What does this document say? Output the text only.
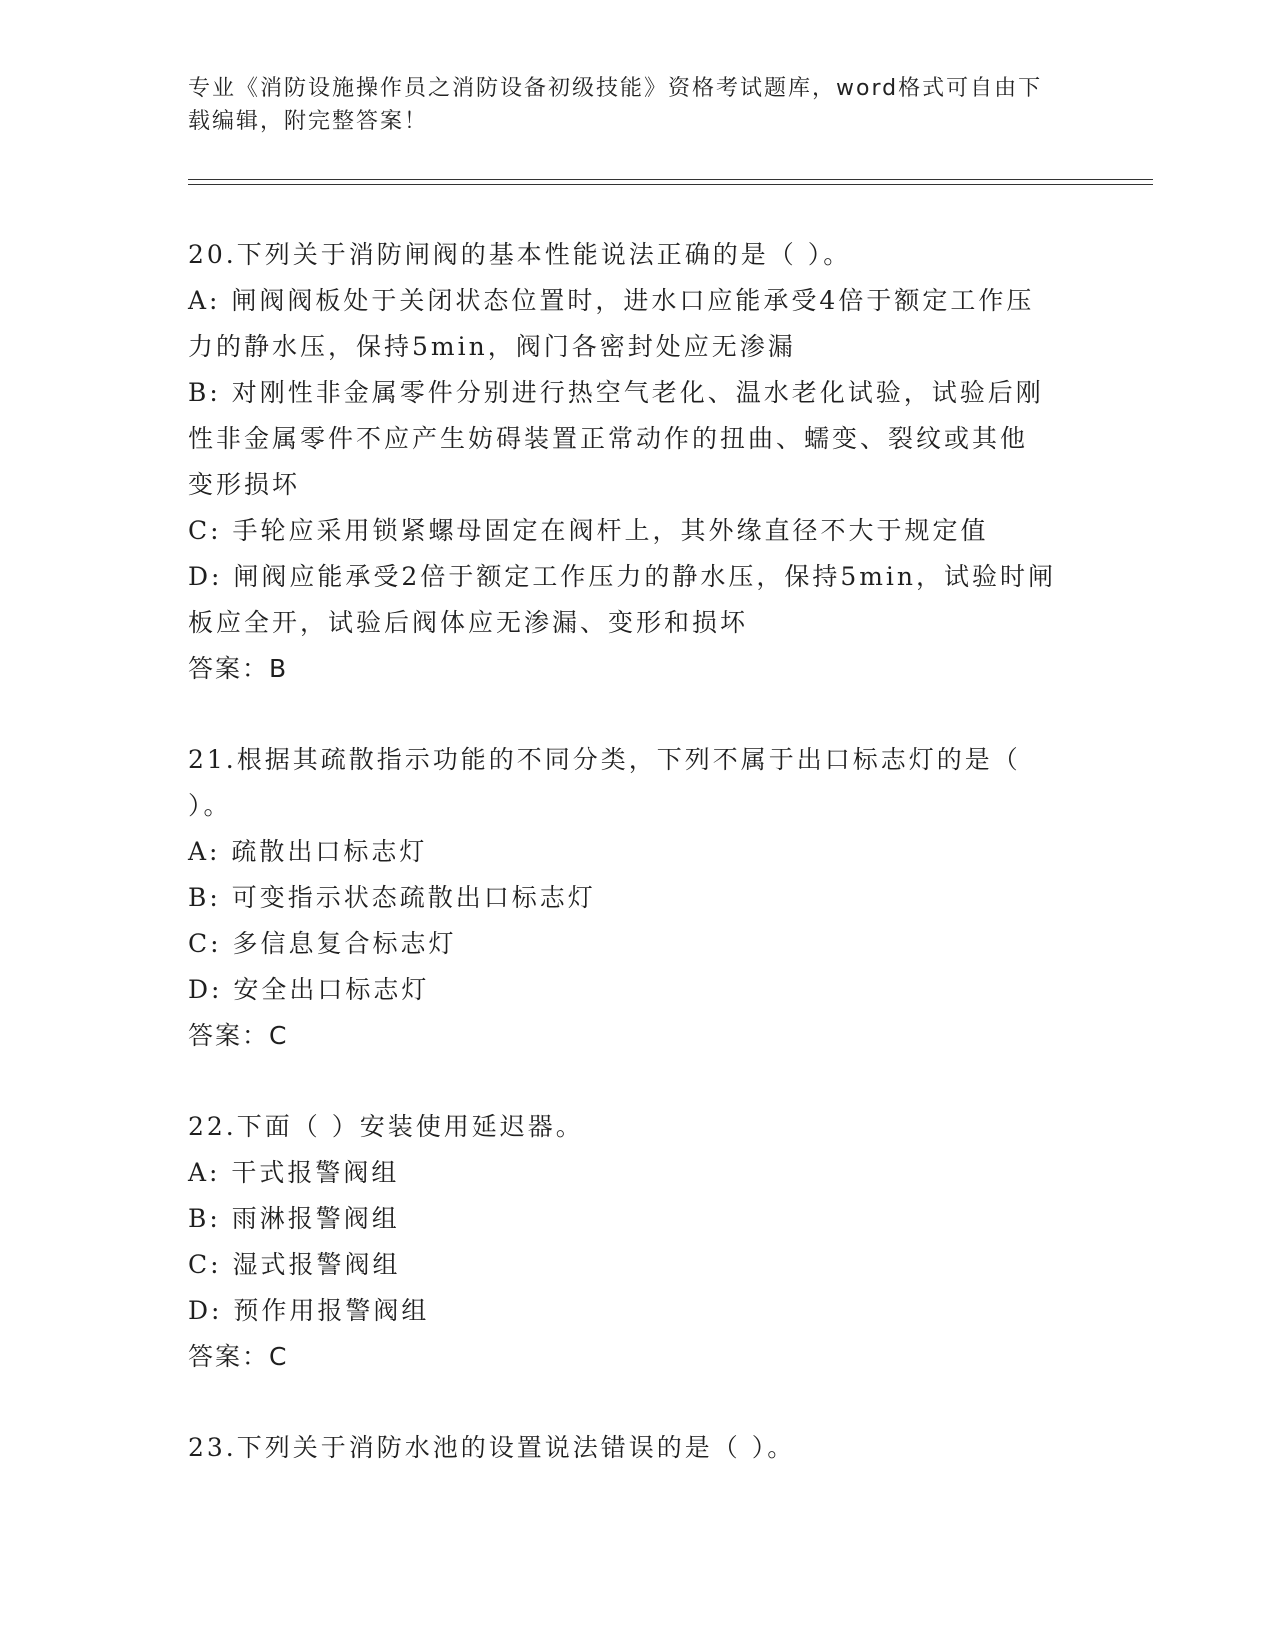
专业《消防设施操作员之消防设备初级技能》资格考试题库，word格式可自由下
载编辑，附完整答案！
20.下列关于消防闸阀的基本性能说法正确的是（ ）。
A: 闸阀阀板处于关闭状态位置时，进水口应能承受4倍于额定工作压
力的静水压，保持5min，阀门各密封处应无渗漏
B: 对刚性非金属零件分别进行热空气老化、温水老化试验，试验后刚
性非金属零件不应产生妨碍装置正常动作的扭曲、蠕变、裂纹或其他
变形损坏
C: 手轮应采用锁紧螺母固定在阀杆上，其外缘直径不大于规定值
D: 闸阀应能承受2倍于额定工作压力的静水压，保持5min，试验时闸
板应全开，试验后阀体应无渗漏、变形和损坏
答案：B
21.根据其疏散指示功能的不同分类，下列不属于出口标志灯的是（
）。
A: 疏散出口标志灯
B: 可变指示状态疏散出口标志灯
C: 多信息复合标志灯
D: 安全出口标志灯
答案：C
22.下面（ ）安装使用延迟器。
A: 干式报警阀组
B: 雨淋报警阀组
C: 湿式报警阀组
D: 预作用报警阀组
答案：C
23.下列关于消防水池的设置说法错误的是（ ）。
